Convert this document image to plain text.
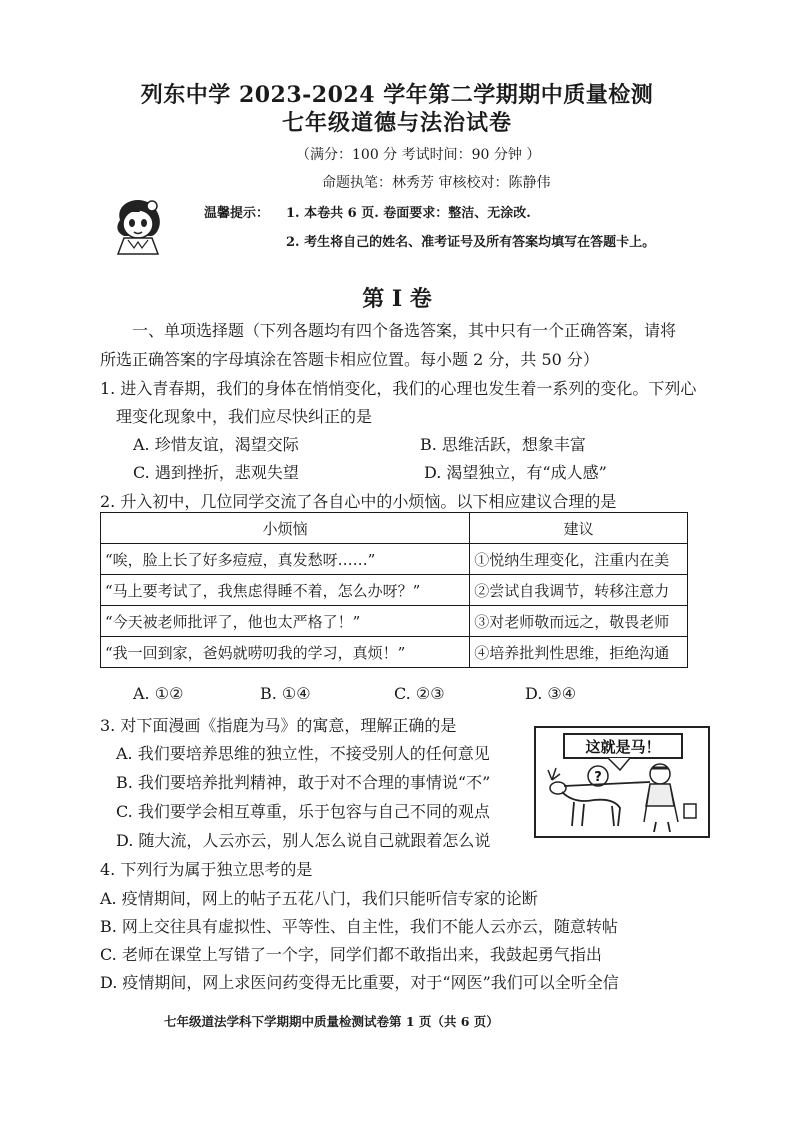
列东中学 2023-2024 学年第二学期期中质量检测
七年级道德与法治试卷
（满分：100 分 考试时间：90 分钟 ）
命题执笔：林秀芳 审核校对：陈静伟
温馨提示： 1. 本卷共 6 页. 卷面要求：整洁、无涂改.
2. 考生将自己的姓名、准考证号及所有答案均填写在答题卡上。
第 I 卷
一、单项选择题（下列各题均有四个备选答案，其中只有一个正确答案，请将
所选正确答案的字母填涂在答题卡相应位置。每小题 2 分，共 50 分）
1. 进入青春期，我们的身体在悄悄变化，我们的心理也发生着一系列的变化。下列心
理变化现象中，我们应尽快纠正的是
A. 珍惜友谊，渴望交际	B. 思维活跃，想象丰富
C. 遇到挫折，悲观失望	D. 渴望独立，有“成人感”
2. 升入初中，几位同学交流了各自心中的小烦恼。以下相应建议合理的是
小烦恼	建议
“唉，脸上长了好多痘痘，真发愁呀……”	①悦纳生理变化，注重内在美
“马上要考试了，我焦虑得睡不着，怎么办呀？”	②尝试自我调节，转移注意力
“今天被老师批评了，他也太严格了！”	③对老师敬而远之，敬畏老师
“我一回到家，爸妈就唠叨我的学习，真烦！”	④培养批判性思维，拒绝沟通
A. ①②	B. ①④	C. ②③	D. ③④
3. 对下面漫画《指鹿为马》的寓意，理解正确的是
A. 我们要培养思维的独立性，不接受别人的任何意见
B. 我们要培养批判精神，敢于对不合理的事情说“不”
C. 我们要学会相互尊重，乐于包容与自己不同的观点
D. 随大流，人云亦云，别人怎么说自己就跟着怎么说
这就是马！
?
4. 下列行为属于独立思考的是
A. 疫情期间，网上的帖子五花八门，我们只能听信专家的论断
B. 网上交往具有虚拟性、平等性、自主性，我们不能人云亦云，随意转帖
C. 老师在课堂上写错了一个字，同学们都不敢指出来，我鼓起勇气指出
D. 疫情期间，网上求医问药变得无比重要，对于“网医”我们可以全听全信
七年级道法学科下学期期中质量检测试卷第 1 页（共 6 页）
